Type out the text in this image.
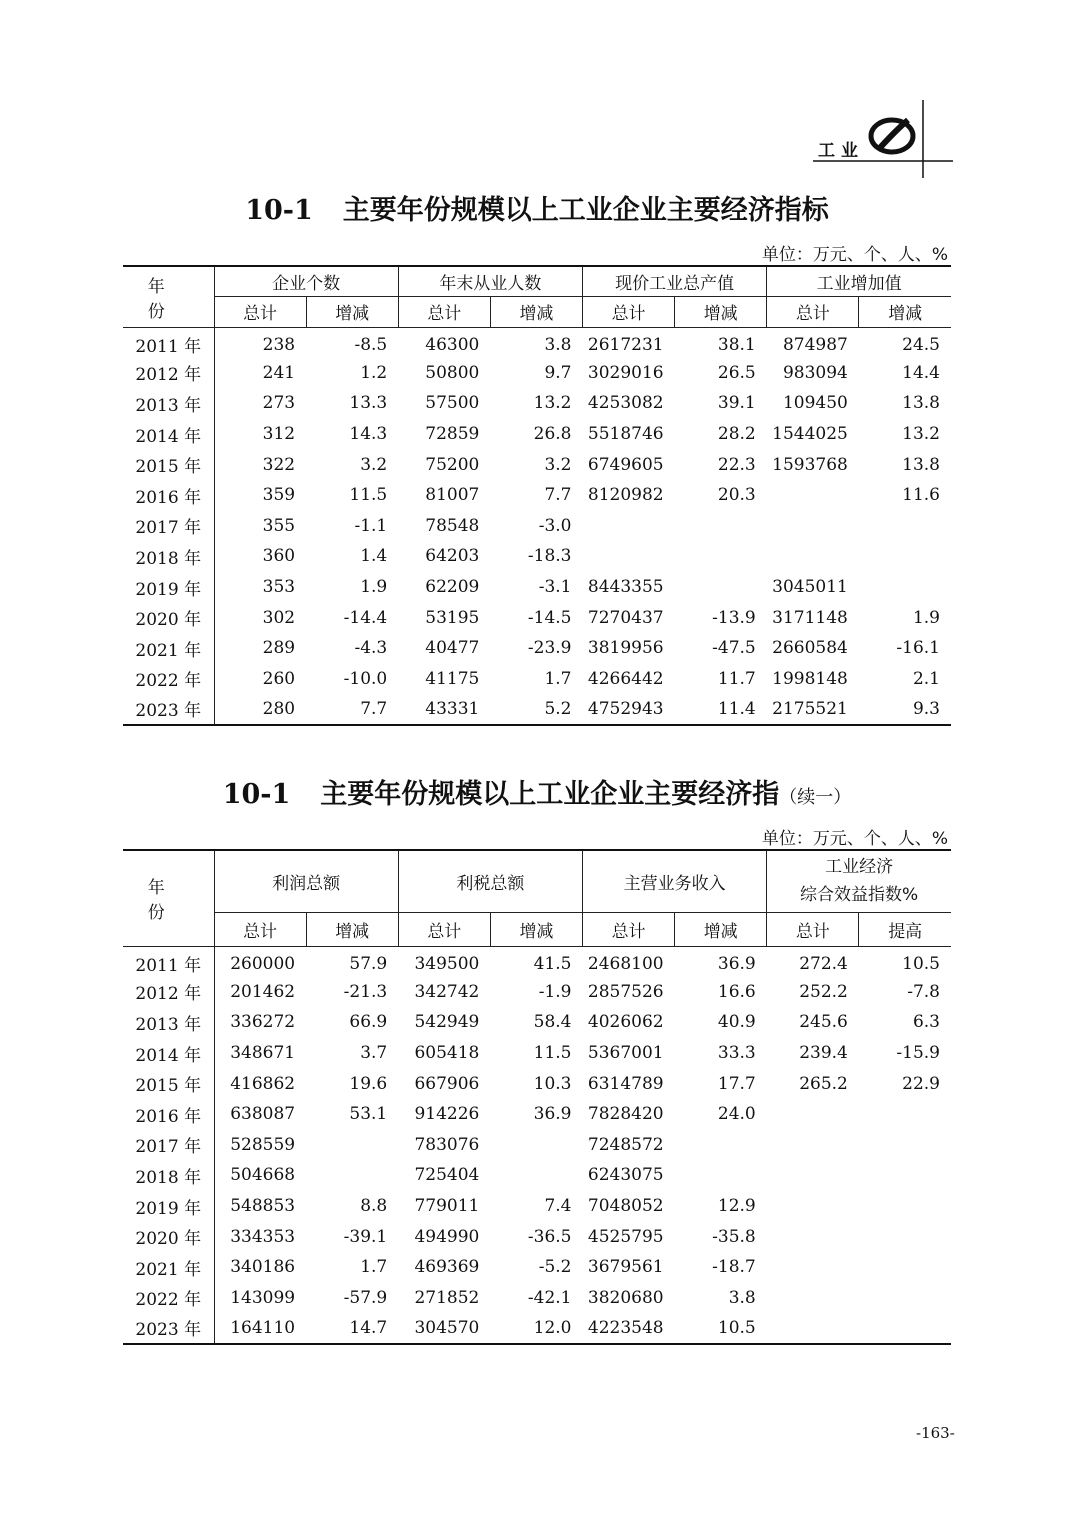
工业
10-1 主要年份规模以上工业企业主要经济指标
单位：万元、个、人、%
年 份	企业个数		年末从业人数		现价工业总产值		工业增加值	
	总计	增减	总计	增减	总计	增减	总计	增减
2011 年	238	-8.5	46300	3.8	2617231	38.1	874987	24.5
2012 年	241	1.2	50800	9.7	3029016	26.5	983094	14.4
2013 年	273	13.3	57500	13.2	4253082	39.1	109450	13.8
2014 年	312	14.3	72859	26.8	5518746	28.2	1544025	13.2
2015 年	322	3.2	75200	3.2	6749605	22.3	1593768	13.8
2016 年	359	11.5	81007	7.7	8120982	20.3		11.6
2017 年	355	-1.1	78548	-3.0				
2018 年	360	1.4	64203	-18.3				
2019 年	353	1.9	62209	-3.1	8443355		3045011	
2020 年	302	-14.4	53195	-14.5	7270437	-13.9	3171148	1.9
2021 年	289	-4.3	40477	-23.9	3819956	-47.5	2660584	-16.1
2022 年	260	-10.0	41175	1.7	4266442	11.7	1998148	2.1
2023 年	280	7.7	43331	5.2	4752943	11.4	2175521	9.3
10-1 主要年份规模以上工业企业主要经济指（续一）
单位：万元、个、人、%
年 份	利润总额		利税总额		主营业务收入		工业经济
综合效益指数%	

	总计	增减	总计	增减	总计	增减	总计	提高
2011 年	260000	57.9	349500	41.5	2468100	36.9	272.4	10.5
2012 年	201462	-21.3	342742	-1.9	2857526	16.6	252.2	-7.8
2013 年	336272	66.9	542949	58.4	4026062	40.9	245.6	6.3
2014 年	348671	3.7	605418	11.5	5367001	33.3	239.4	-15.9
2015 年	416862	19.6	667906	10.3	6314789	17.7	265.2	22.9
2016 年	638087	53.1	914226	36.9	7828420	24.0		
2017 年	528559		783076		7248572			
2018 年	504668		725404		6243075			
2019 年	548853	8.8	779011	7.4	7048052	12.9		
2020 年	334353	-39.1	494990	-36.5	4525795	-35.8		
2021 年	340186	1.7	469369	-5.2	3679561	-18.7		
2022 年	143099	-57.9	271852	-42.1	3820680	3.8		
2023 年	164110	14.7	304570	12.0	4223548	10.5		
-163-
